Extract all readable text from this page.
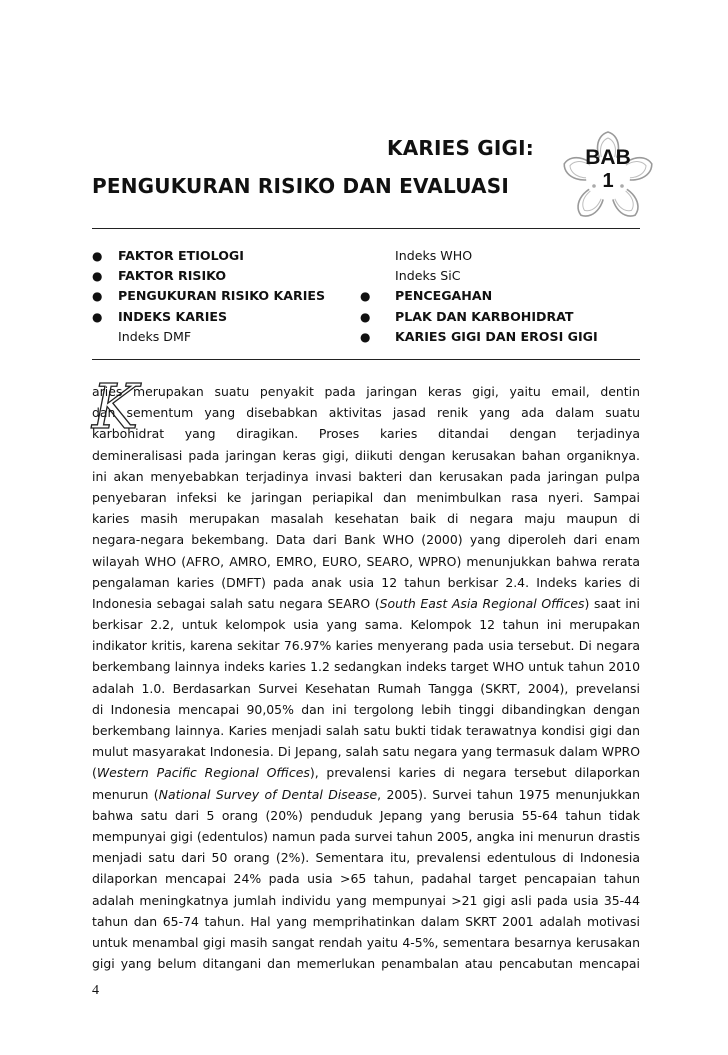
KARIES GIGI:
PENGUKURAN RISIKO DAN EVALUASI
BAB
1
● FAKTOR ETIOLOGI
● FAKTOR RISIKO
● PENGUKURAN RISIKO KARIES
● INDEKS KARIES
Indeks DMF
Indeks WHO
Indeks SiC
● PENCEGAHAN
● PLAK DAN KARBOHIDRAT
● KARIES GIGI DAN EROSI GIGI
K
aries merupakan suatu penyakit pada jaringan keras gigi, yaitu email, dentin
dan sementum yang disebabkan aktivitas jasad renik yang ada dalam suatu
karbohidrat yang diragikan. Proses karies ditandai dengan terjadinya
demineralisasi pada jaringan keras gigi, diikuti dengan kerusakan bahan organiknya.
ini akan menyebabkan terjadinya invasi bakteri dan kerusakan pada jaringan pulpa
penyebaran infeksi ke jaringan periapikal dan menimbulkan rasa nyeri. Sampai
karies masih merupakan masalah kesehatan baik di negara maju maupun di
negara-negara bekembang. Data dari Bank WHO (2000) yang diperoleh dari enam
wilayah WHO (AFRO, AMRO, EMRO, EURO, SEARO, WPRO) menunjukkan bahwa rerata
pengalaman karies (DMFT) pada anak usia 12 tahun berkisar 2.4. Indeks karies di
Indonesia sebagai salah satu negara SEARO (South East Asia Regional Offices) saat ini
berkisar 2.2, untuk kelompok usia yang sama. Kelompok 12 tahun ini merupakan
indikator kritis, karena sekitar 76.97% karies menyerang pada usia tersebut. Di negara
berkembang lainnya indeks karies 1.2 sedangkan indeks target WHO untuk tahun 2010
adalah 1.0. Berdasarkan Survei Kesehatan Rumah Tangga (SKRT, 2004), prevelansi
di Indonesia mencapai 90,05% dan ini tergolong lebih tinggi dibandingkan dengan
berkembang lainnya. Karies menjadi salah satu bukti tidak terawatnya kondisi gigi dan
mulut masyarakat Indonesia. Di Jepang, salah satu negara yang termasuk dalam WPRO
(Western Pacific Regional Offices), prevalensi karies di negara tersebut dilaporkan
menurun (National Survey of Dental Disease, 2005). Survei tahun 1975 menunjukkan
bahwa satu dari 5 orang (20%) penduduk Jepang yang berusia 55-64 tahun tidak
mempunyai gigi (edentulos) namun pada survei tahun 2005, angka ini menurun drastis
menjadi satu dari 50 orang (2%). Sementara itu, prevalensi edentulous di Indonesia
dilaporkan mencapai 24% pada usia >65 tahun, padahal target pencapaian tahun
adalah meningkatnya jumlah individu yang mempunyai >21 gigi asli pada usia 35-44
tahun dan 65-74 tahun. Hal yang memprihatinkan dalam SKRT 2001 adalah motivasi
untuk menambal gigi masih sangat rendah yaitu 4-5%, sementara besarnya kerusakan
gigi yang belum ditangani dan memerlukan penambalan atau pencabutan mencapai
4
